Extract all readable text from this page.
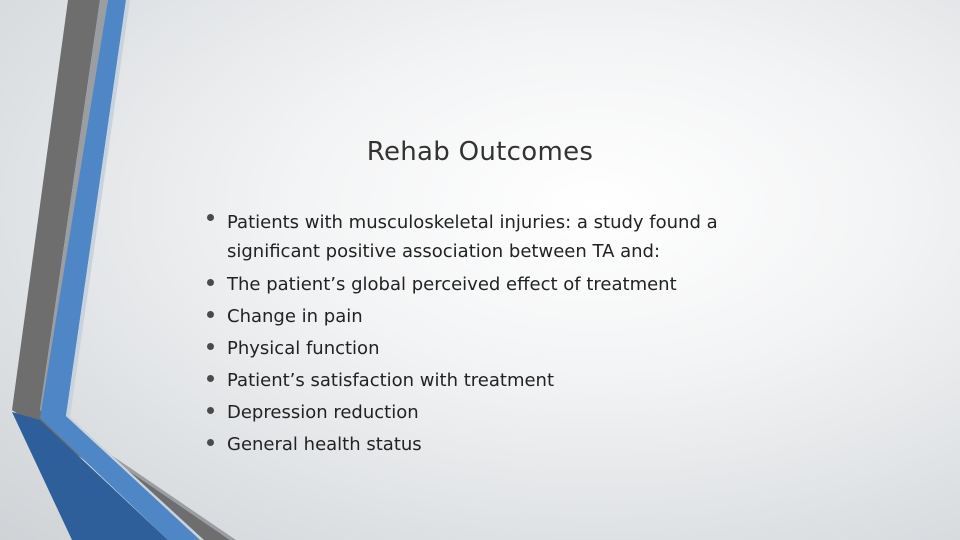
Rehab Outcomes
Patients with musculoskeletal injuries: a study found a significant positive association between TA and:
The patient’s global perceived effect of treatment
Change in pain
Physical function
Patient’s satisfaction with treatment
Depression reduction
General health status
